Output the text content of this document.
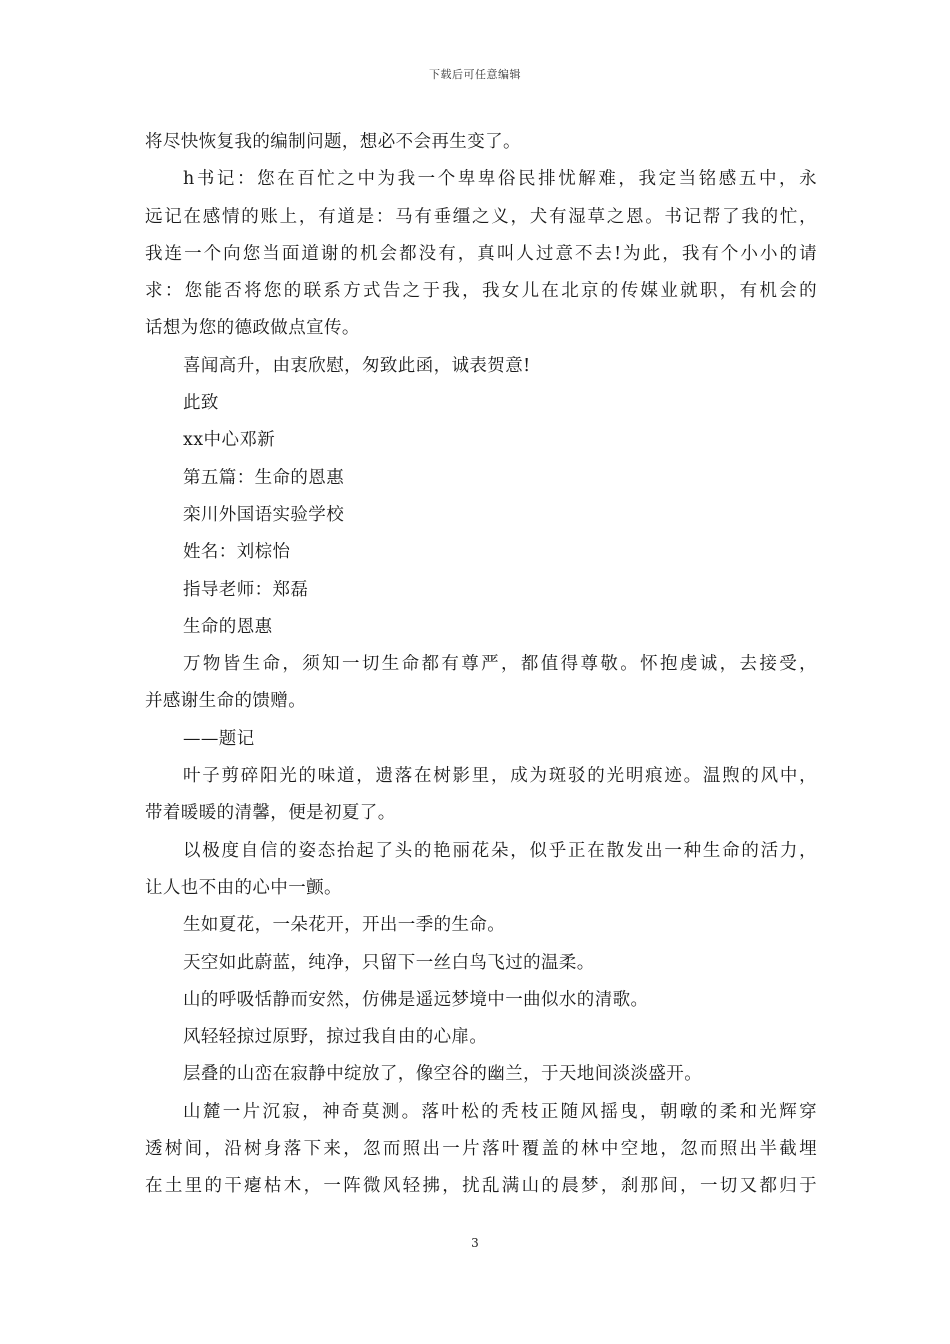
下载后可任意编辑
将尽快恢复我的编制问题，想必不会再生变了。
h书记：您在百忙之中为我一个卑卑俗民排忧解难，我定当铭感五中，永
远记在感情的账上，有道是：马有垂缰之义，犬有湿草之恩。书记帮了我的忙，
我连一个向您当面道谢的机会都没有，真叫人过意不去!为此，我有个小小的请
求：您能否将您的联系方式告之于我，我女儿在北京的传媒业就职，有机会的
话想为您的德政做点宣传。
喜闻高升，由衷欣慰，匆致此函，诚表贺意!
此致
xx中心邓新
第五篇：生命的恩惠
栾川外国语实验学校
姓名：刘棕怡
指导老师：郑磊
生命的恩惠
万物皆生命，须知一切生命都有尊严，都值得尊敬。怀抱虔诚，去接受，
并感谢生命的馈赠。
——题记
叶子剪碎阳光的味道，遗落在树影里，成为斑驳的光明痕迹。温煦的风中，
带着暖暖的清馨，便是初夏了。
以极度自信的姿态抬起了头的艳丽花朵，似乎正在散发出一种生命的活力，
让人也不由的心中一颤。
生如夏花，一朵花开，开出一季的生命。
天空如此蔚蓝，纯净，只留下一丝白鸟飞过的温柔。
山的呼吸恬静而安然，仿佛是遥远梦境中一曲似水的清歌。
风轻轻掠过原野，掠过我自由的心扉。
层叠的山峦在寂静中绽放了，像空谷的幽兰，于天地间淡淡盛开。
山麓一片沉寂，神奇莫测。落叶松的秃枝正随风摇曳，朝暾的柔和光辉穿
透树间，沿树身落下来，忽而照出一片落叶覆盖的林中空地，忽而照出半截埋
在土里的干瘪枯木，一阵微风轻拂，扰乱满山的晨梦，刹那间，一切又都归于
3
